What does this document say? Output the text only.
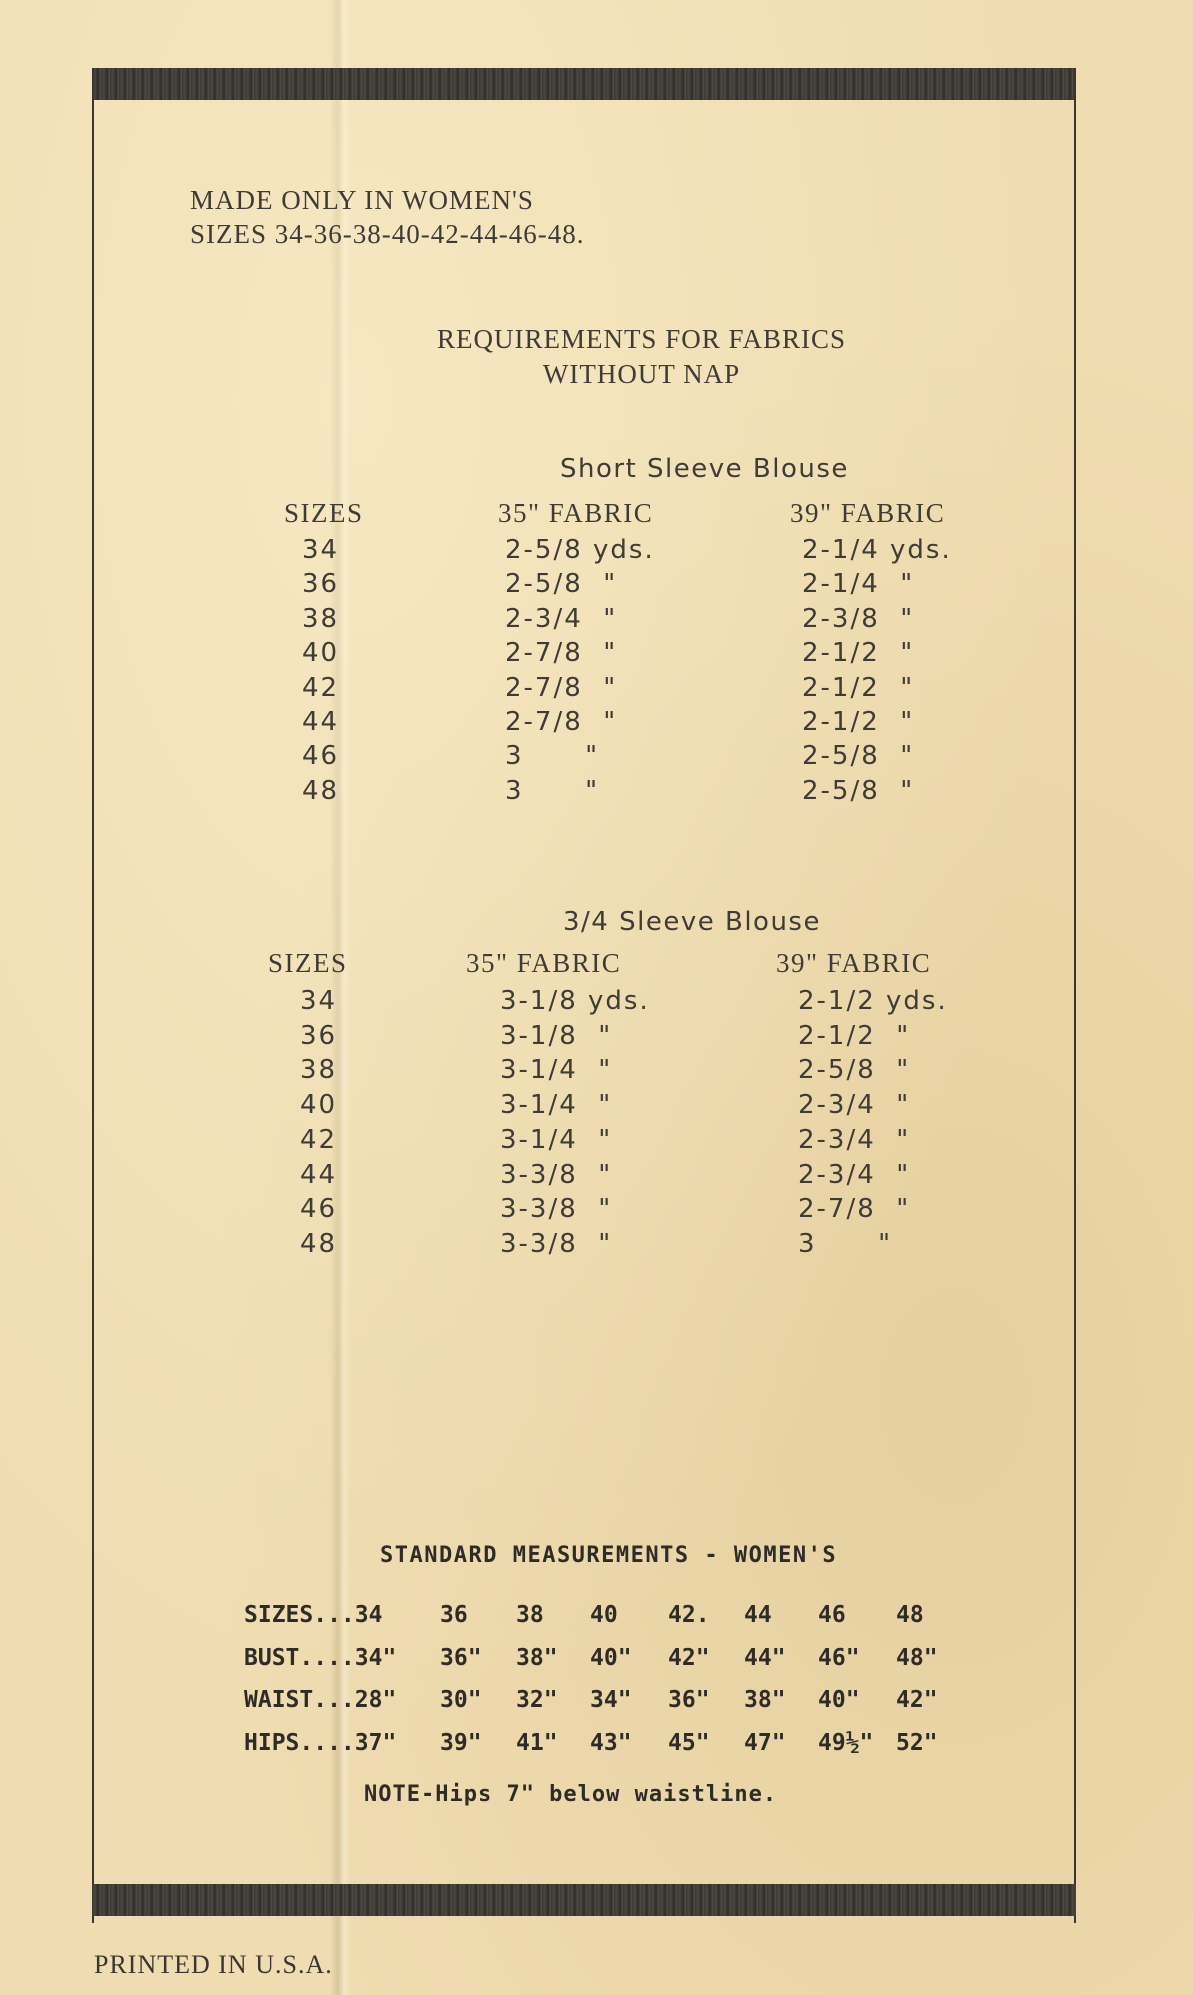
MADE ONLY IN WOMEN'S
SIZES 34-36-38-40-42-44-46-48.
REQUIREMENTS FOR FABRICS
WITHOUT NAP
Short Sleeve Blouse
SIZES	35" FABRIC	39" FABRIC
34	2-5/8 yds.	2-1/4 yds.
36	2-5/8  "	2-1/4  "
38	2-3/4  "	2-3/8  "
40	2-7/8  "	2-1/2  "
42	2-7/8  "	2-1/2  "
44	2-7/8  "	2-1/2  "
46	3      "	2-5/8  "
48	3      "	2-5/8  "
3/4 Sleeve Blouse
SIZES	35" FABRIC	39" FABRIC
34	3-1/8 yds.	2-1/2 yds.
36	3-1/8  "	2-1/2  "
38	3-1/4  "	2-5/8  "
40	3-1/4  "	2-3/4  "
42	3-1/4  "	2-3/4  "
44	3-3/8  "	2-3/4  "
46	3-3/8  "	2-7/8  "
48	3-3/8  "	3      "
STANDARD MEASUREMENTS - WOMEN'S
SIZES...34	36 38 40 42. 44 46 48
BUST....34" 36" 38" 40" 42" 44" 46" 48"
WAIST...28" 30" 32" 34" 36" 38" 40" 42"
HIPS....37" 39" 41" 43" 45" 47" 49½" 52"
NOTE-Hips 7" below waistline.
PRINTED IN U.S.A.
